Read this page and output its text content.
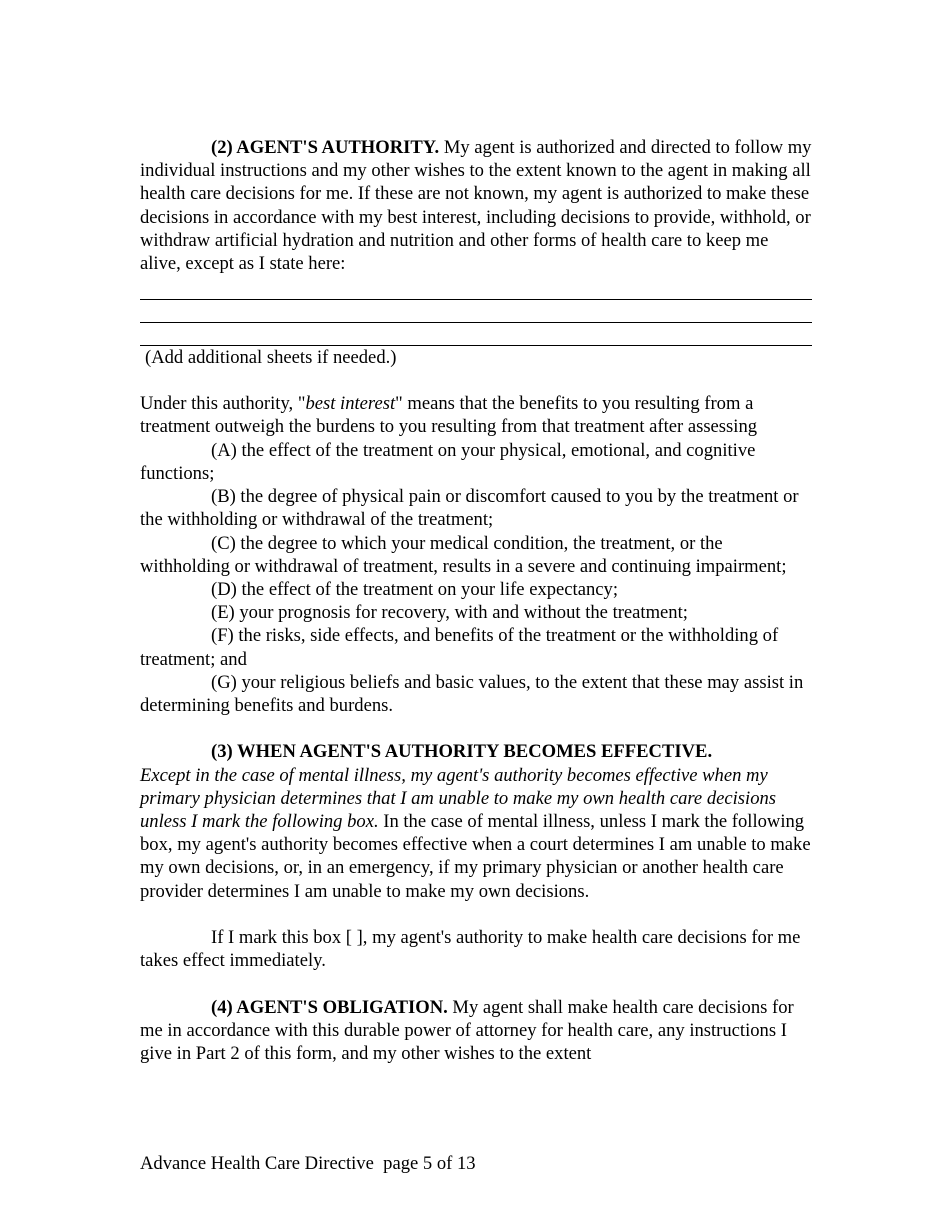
(2) AGENT'S AUTHORITY. My agent is authorized and directed to follow my individual instructions and my other wishes to the extent known to the agent in making all health care decisions for me. If these are not known, my agent is authorized to make these decisions in accordance with my best interest, including decisions to provide, withhold, or withdraw artificial hydration and nutrition and other forms of health care to keep me alive, except as I state here:

(Add additional sheets if needed.)

Under this authority, "best interest" means that the benefits to you resulting from a treatment outweigh the burdens to you resulting from that treatment after assessing

(A) the effect of the treatment on your physical, emotional, and cognitive functions;

(B) the degree of physical pain or discomfort caused to you by the treatment or the withholding or withdrawal of the treatment;

(C) the degree to which your medical condition, the treatment, or the withholding or withdrawal of treatment, results in a severe and continuing impairment;

(D) the effect of the treatment on your life expectancy;

(E) your prognosis for recovery, with and without the treatment;

(F) the risks, side effects, and benefits of the treatment or the withholding of treatment; and

(G) your religious beliefs and basic values, to the extent that these may assist in determining benefits and burdens.

(3) WHEN AGENT'S AUTHORITY BECOMES EFFECTIVE.

Except in the case of mental illness, my agent's authority becomes effective when my primary physician determines that I am unable to make my own health care decisions unless I mark the following box. In the case of mental illness, unless I mark the following box, my agent's authority becomes effective when a court determines I am unable to make my own decisions, or, in an emergency, if my primary physician or another health care provider determines I am unable to make my own decisions.

If I mark this box [ ], my agent's authority to make health care decisions for me takes effect immediately.

(4) AGENT'S OBLIGATION. My agent shall make health care decisions for me in accordance with this durable power of attorney for health care, any instructions I give in Part 2 of this form, and my other wishes to the extent

Advance Health Care Directive  page 5 of 13
